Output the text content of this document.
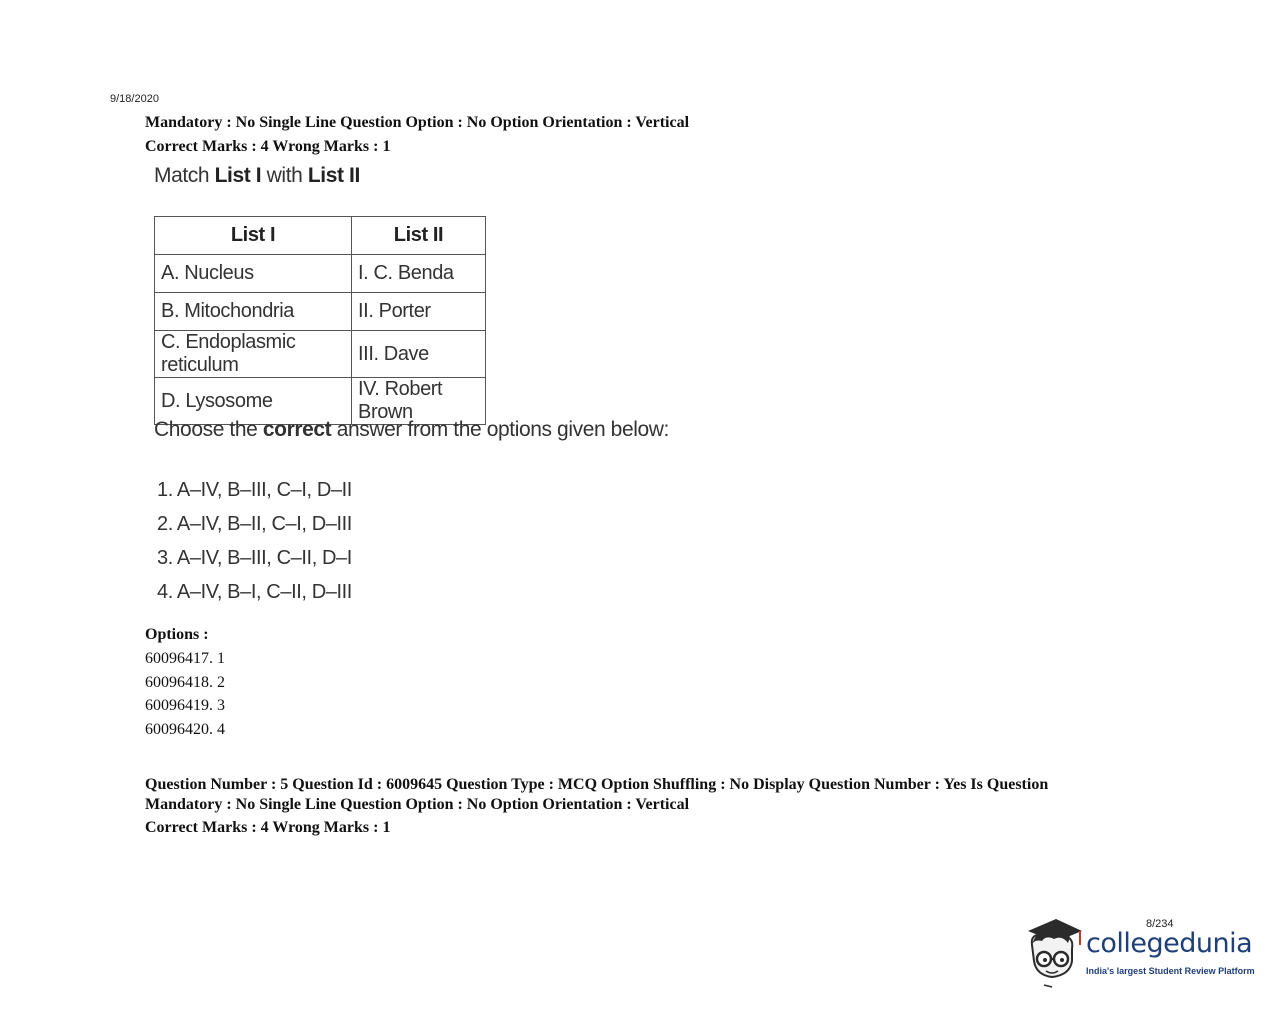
9/18/2020
Mandatory : No Single Line Question Option : No Option Orientation : Vertical
Correct Marks : 4 Wrong Marks : 1
Match List I with List II
List I	List II
A. Nucleus	I. C. Benda
B. Mitochondria	II. Porter
C. Endoplasmic reticulum	III. Dave
D. Lysosome	IV. Robert Brown
Choose the correct answer from the options given below:
1. A–IV, B–III, C–I, D–II
2. A–IV, B–II, C–I, D–III
3. A–IV, B–III, C–II, D–I
4. A–IV, B–I, C–II, D–III
Options :
60096417. 1
60096418. 2
60096419. 3
60096420. 4
Question Number : 5 Question Id : 6009645 Question Type : MCQ Option Shuffling : No Display Question Number : Yes Is Question
Mandatory : No Single Line Question Option : No Option Orientation : Vertical
Correct Marks : 4 Wrong Marks : 1
8/234
collegedunia
India's largest Student Review Platform
